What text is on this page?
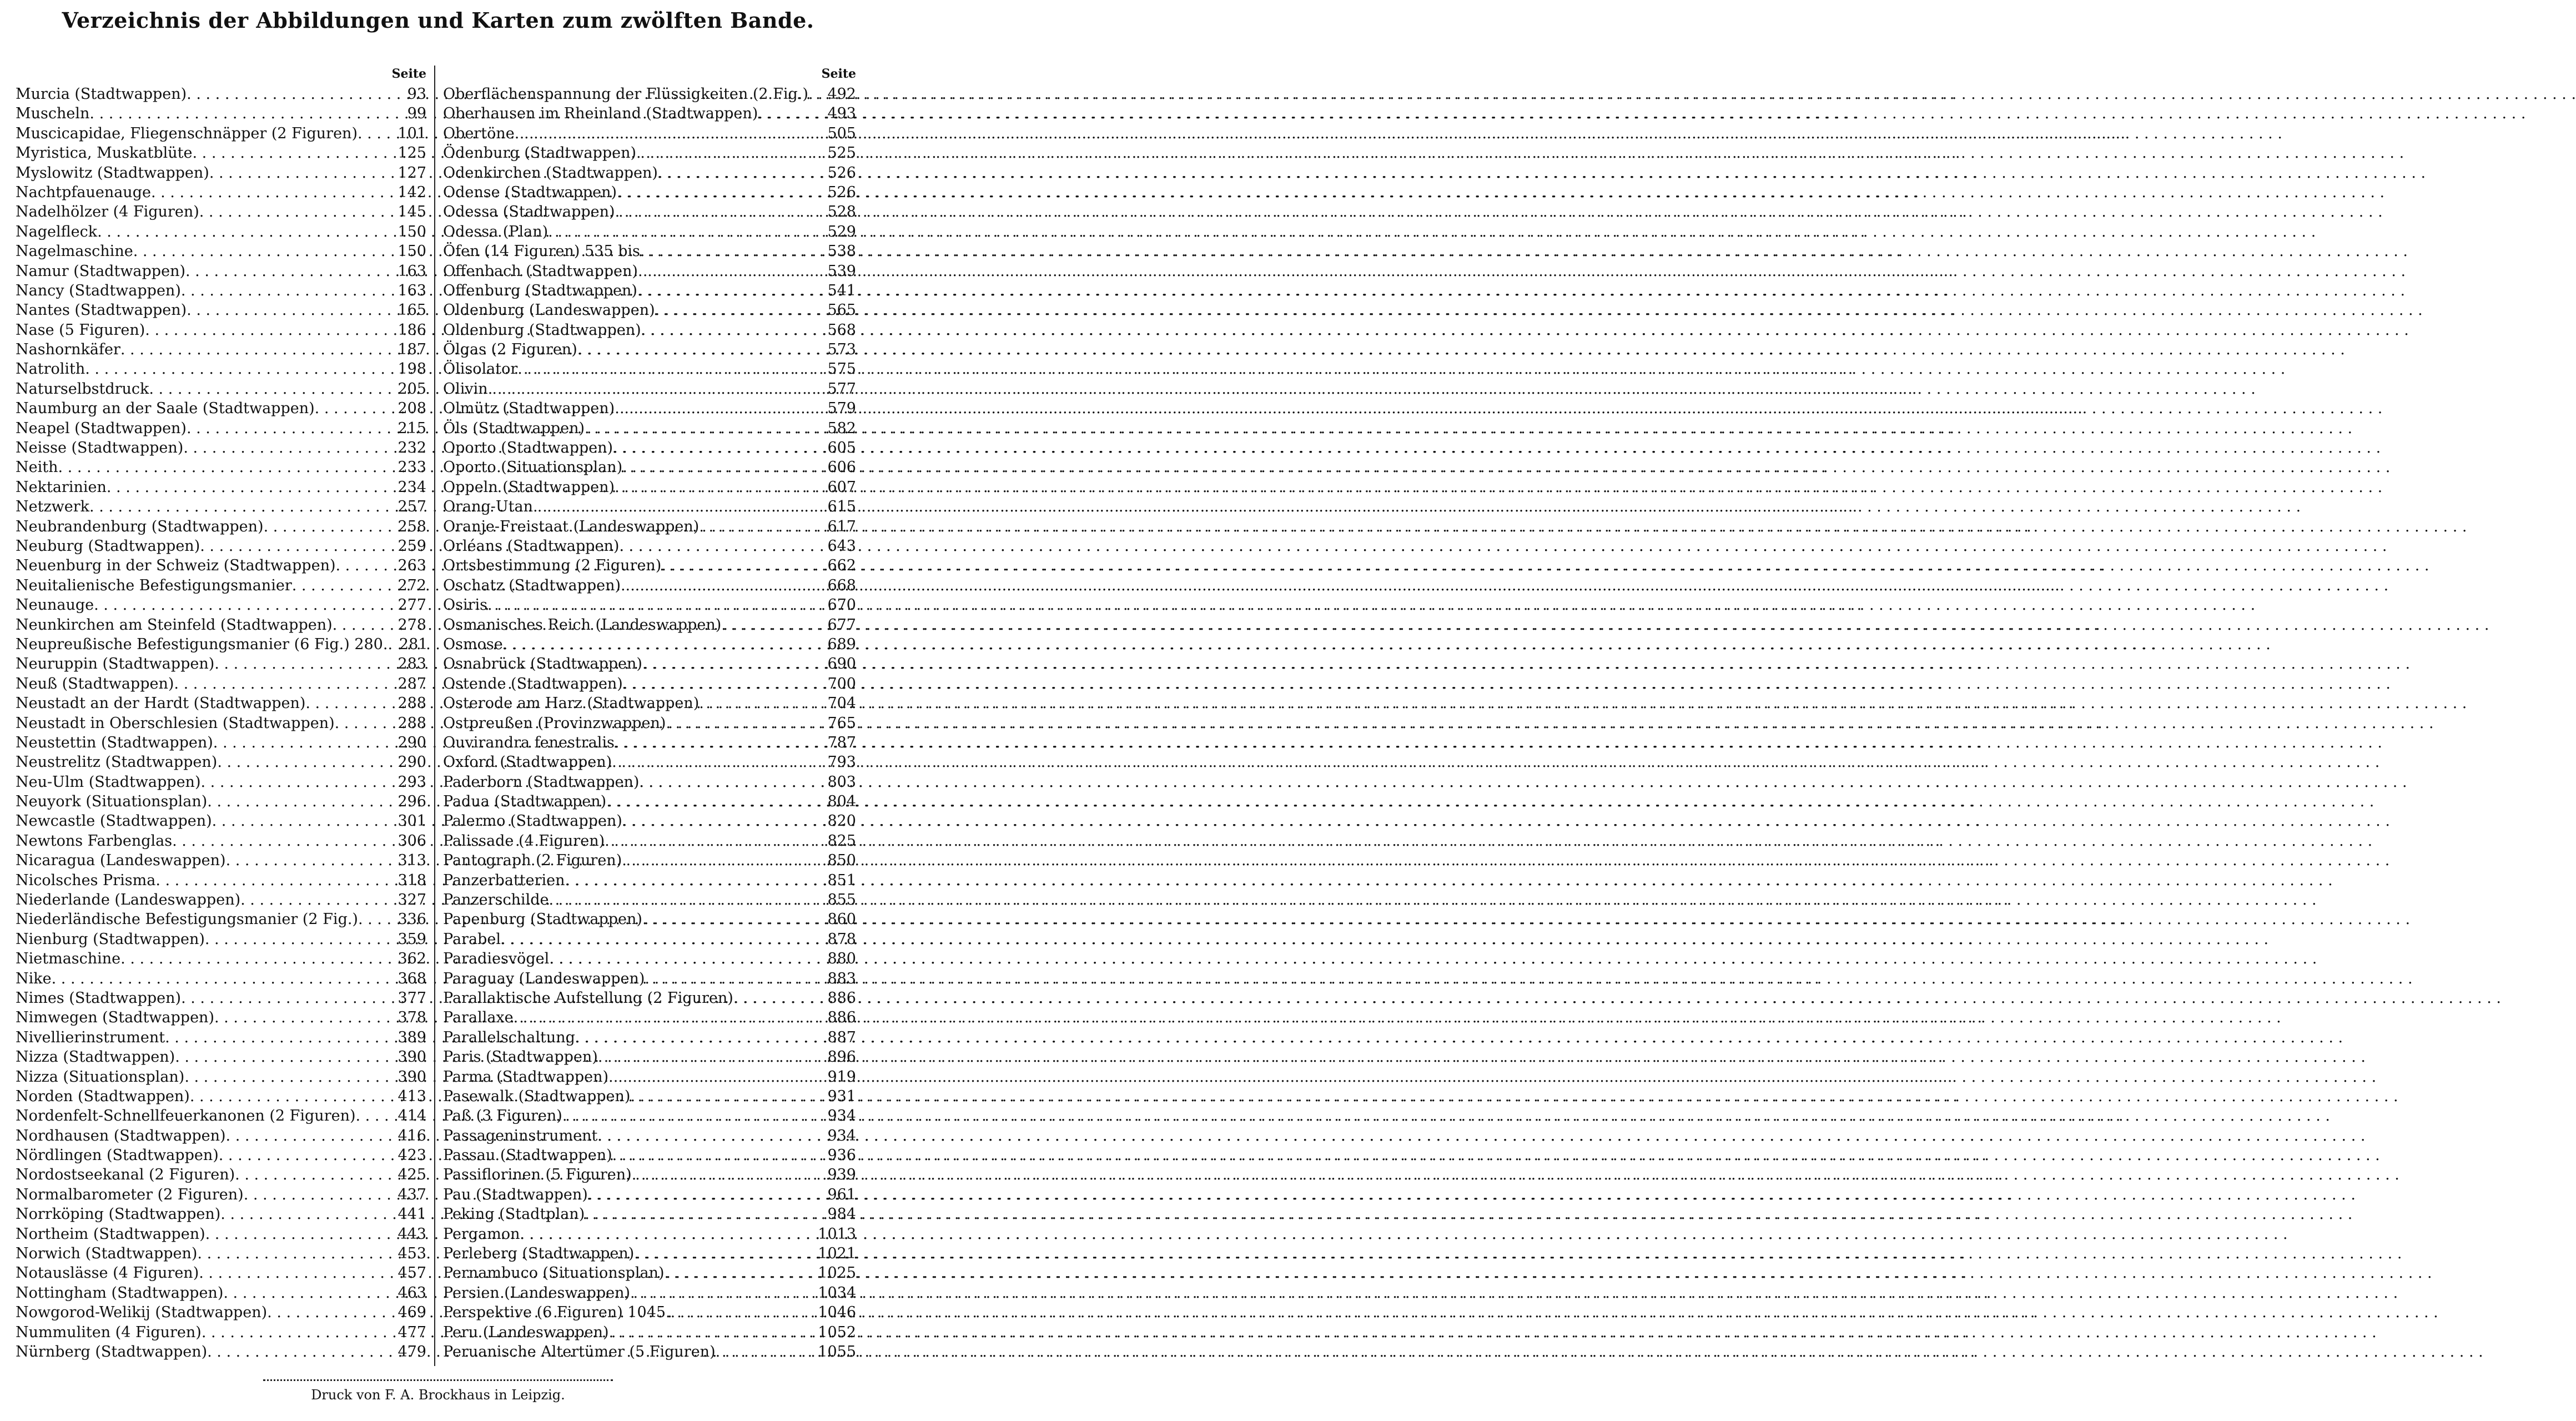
Verzeichnis der Abbildungen und Karten zum zwölften Bande.
Seite
Murcia (Stadtwappen) . . .	93
Muscheln . . .	99
Muscicapidae, Fliegenschnäpper (2 Figuren) . . .	101
Myristica, Muskatblüte . . .	125
Myslowitz (Stadtwappen) . . .	127
Nachtpfauenauge . . .	142
Nadelhölzer (4 Figuren) . . .	145
Nagelfleck . . .	150
Nagelmaschine . . .	150
Namur (Stadtwappen) . . .	163
Nancy (Stadtwappen) . . .	163
Nantes (Stadtwappen) . . .	165
Nase (5 Figuren) . . .	186
Nashornkäfer . . .	187
Natrolith . . .	198
Naturselbstdruck . . .	205
Naumburg an der Saale (Stadtwappen) . . .	208
Neapel (Stadtwappen) . . .	215
Neisse (Stadtwappen) . . .	232
Neith . . .	233
Nektarinien . . .	234
Netzwerk . . .	257
Neubrandenburg (Stadtwappen) . . .	258
Neuburg (Stadtwappen) . . .	259
Neuenburg in der Schweiz (Stadtwappen) . . .	263
Neuitalienische Befestigungsmanier . . .	272
Neunauge . . .	277
Neunkirchen am Steinfeld (Stadtwappen) . . .	278
Neupreußische Befestigungsmanier (6 Fig.) 280. . . . 281
Neuruppin (Stadtwappen) . . .	283
Neuß (Stadtwappen) . . .	287
Neustadt an der Hardt (Stadtwappen) . . .	288
Neustadt in Oberschlesien (Stadtwappen) . . .	288
Neustettin (Stadtwappen) . . .	290
Neustrelitz (Stadtwappen) . . .	290
Neu-Ulm (Stadtwappen) . . .	293
Neuyork (Situationsplan) . . .	296
Newcastle (Stadtwappen) . . .	301
Newtons Farbenglas . . .	306
Nicaragua (Landeswappen) . . .	313
Nicolsches Prisma . . .	318
Niederlande (Landeswappen) . . .	327
Niederländische Befestigungsmanier (2 Fig.) . . .	336
Nienburg (Stadtwappen) . . .	359
Nietmaschine . . .	362
Nike . . .	368
Nimes (Stadtwappen) . . .	377
Nimwegen (Stadtwappen) . . .	378
Nivellierinstrument . . .	389
Nizza (Stadtwappen) . . .	390
Nizza (Situationsplan) . . .	390
Norden (Stadtwappen) . . .	413
Nordenfelt-Schnellfeuerkanonen (2 Figuren) . . .	414
Nordhausen (Stadtwappen) . . .	416
Nördlingen (Stadtwappen) . . .	423
Nordostseekanal (2 Figuren) . . .	425
Normalbarometer (2 Figuren) . . .	437
Norrköping (Stadtwappen) . . .	441
Northeim (Stadtwappen) . . .	443
Norwich (Stadtwappen) . . .	453
Notauslässe (4 Figuren) . . .	457
Nottingham (Stadtwappen) . . .	463
Nowgorod-Welikij (Stadtwappen) . . .	469
Nummuliten (4 Figuren) . . .	477
Nürnberg (Stadtwappen) . . .	479
Seite
Oberflächenspannung der Flüssigkeiten (2 Fig.) . . .	492
Oberhausen im Rheinland (Stadtwappen) . . .	493
Obertöne . . .	505
Ödenburg (Stadtwappen) . . .	525
Odenkirchen (Stadtwappen) . . .	526
Odense (Stadtwappen) . . .	526
Odessa (Stadtwappen) . . .	528
Odessa (Plan) . . .	529
Öfen (14 Figuren) 535 bis . . .	538
Offenbach (Stadtwappen) . . .	539
Offenburg (Stadtwappen) . . .	541
Oldenburg (Landeswappen) . . .	565
Oldenburg (Stadtwappen) . . .	568
Ölgas (2 Figuren) . . .	573
Ölisolator . . .	575
Olivin . . .	577
Olmütz (Stadtwappen) . . .	579
Öls (Stadtwappen) . . .	582
Oporto (Stadtwappen) . . .	605
Oporto (Situationsplan) . . .	606
Oppeln (Stadtwappen) . . .	607
Orang-Utan . . .	615
Oranje-Freistaat (Landeswappen) . . .	617
Orléans (Stadtwappen) . . .	643
Ortsbestimmung (2 Figuren) . . .	662
Oschatz (Stadtwappen) . . .	668
Osiris . . .	670
Osmanisches Reich (Landeswappen) . . .	677
Osmose . . .	689
Osnabrück (Stadtwappen) . . .	690
Ostende (Stadtwappen) . . .	700
Osterode am Harz (Stadtwappen) . . .	704
Ostpreußen (Provinzwappen) . . .	765
Ouvirandra fenestralis . . .	787
Oxford (Stadtwappen) . . .	793
Paderborn (Stadtwappen) . . .	803
Padua (Stadtwappen) . . .	804
Palermo (Stadtwappen) . . .	820
Palissade (4 Figuren) . . .	825
Pantograph (2 Figuren) . . .	850
Panzerbatterien . . .	851
Panzerschilde . . .	855
Papenburg (Stadtwappen) . . .	860
Parabel . . .	878
Paradiesvögel . . .	880
Paraguay (Landeswappen) . . .	883
Parallaktische Aufstellung (2 Figuren) . . .	886
Parallaxe . . .	886
Parallelschaltung . . .	887
Paris (Stadtwappen) . . .	896
Parma (Stadtwappen) . . .	919
Pasewalk (Stadtwappen) . . .	931
Paß (3 Figuren) . . .	934
Passageninstrument . . .	934
Passau (Stadtwappen) . . .	936
Passiflorinen (5 Figuren) . . .	939
Pau (Stadtwappen) . . .	961
Peking (Stadtplan) . . .	984
Pergamon . . .	1013
Perleberg (Stadtwappen) . . .	1021
Pernambuco (Situationsplan) . . .	1025
Persien (Landeswappen) . . .	1034
Perspektive (6 Figuren) 1045. . . .	1046
Peru (Landeswappen) . . .	1052
Peruanische Altertümer (5 Figuren) . . .	1055
Druck von F. A. Brockhaus in Leipzig.
